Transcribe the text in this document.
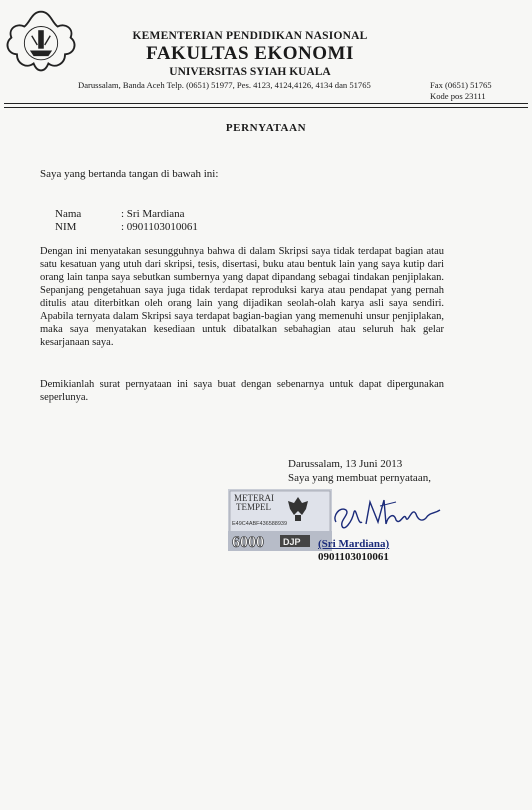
KEMENTERIAN PENDIDIKAN NASIONAL
FAKULTAS EKONOMI
UNIVERSITAS SYIAH KUALA
Darussalam, Banda Aceh Telp. (0651) 51977, Pes. 4123, 4124,4126, 4134 dan 51765	Fax (0651) 51765
Kode pos 23111
PERNYATAAN
Saya yang bertanda tangan di bawah ini:
Nama	: Sri Mardiana
NIM	: 0901103010061
Dengan ini menyatakan sesungguhnya bahwa di dalam Skripsi saya tidak terdapat bagian atau satu kesatuan yang utuh dari skripsi, tesis, disertasi, buku atau bentuk lain yang saya kutip dari orang lain tanpa saya sebutkan sumbernya yang dapat dipandang sebagai tindakan penjiplakan. Sepanjang pengetahuan saya juga tidak terdapat reproduksi karya atau pendapat yang pernah ditulis atau diterbitkan oleh orang lain yang dijadikan seolah-olah karya asli saya sendiri. Apabila ternyata dalam Skripsi saya terdapat bagian-bagian yang memenuhi unsur penjiplakan, maka saya menyatakan kesediaan untuk dibatalkan sebahagian atau seluruh hak gelar kesarjanaan saya.
Demikianlah surat pernyataan ini saya buat dengan sebenarnya untuk dapat dipergunakan seperlunya.
Darussalam, 13 Juni 2013
Saya yang membuat pernyataan,
METERAI
TEMPEL
E49C4ABF436588939
6000 DJP (Sri Mardiana)
0901103010061
